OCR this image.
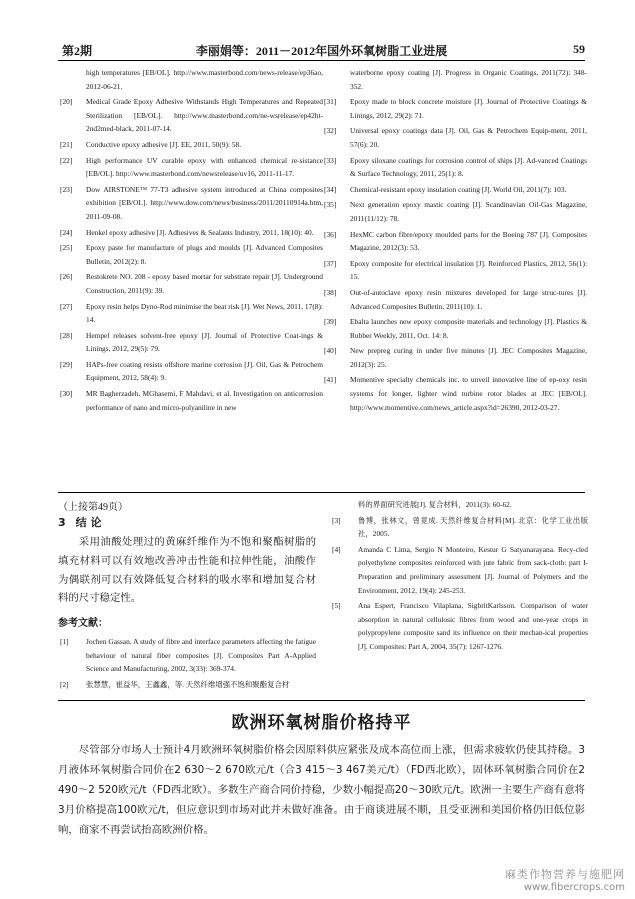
第2期	李丽娟等：2011－2012年国外环氧树脂工业进展	59

high temperatures [EB/OL]. http://www.masterbond.com/news-release/ep36ao, 2012-06-21.

[20] Medical Grade Epoxy Adhesive Withstands High Temperatures and Repeated Sterilization [EB/OL]. http://www.masterbond.com/ne-wsrelease/ep42ht-2nd2med-black, 2011-07-14.

[21] Conductive epoxy adhesive [J]. EE, 2011, 50(9): 58.

[22] High performance UV curable epoxy with enhanced chemical re-sistance [EB/OL]. http://www.masterbond.com/newsrelease/uv16, 2011-11-17.

[23] Dow AIRSTONE™ 77-T3 adhesive system introduced at China composites exhibition [EB/OL]. http://www.dow.com/news/business/2011/20110914a.htm, 2011-09-08.

[24] Henkel epoxy adhesive [J]. Adhesives & Sealants Industry, 2011, 18(10): 40.

[25] Epoxy paste for manufacture of plugs and moulds [J]. Advanced Composites Bulletin, 2012(2): 8.

[26] Restokrete NO. 208 - epoxy based mortar for substrate repair [J]. Underground Construction, 2011(9): 39.

[27] Epoxy resin helps Dyno-Rod minimise the beat risk [J]. Wet News, 2011, 17(8): 14.

[28] Hempel releases solvent-free epoxy [J]. Journal of Protective Coat-ings & Linings, 2012, 29(5): 79.

[29] HAPs-free coating resists offshore marine corrosion [J]. Oil, Gas & Petrochem Equipment, 2012, 58(4): 9.

[30] MR Bagherzadeh, MGhasemi, F Mahdavi, et al. Investigation on anticorrosion performance of nano and micro-polyaniline in new

waterborne epoxy coating [J]. Progress in Organic Coatings, 2011(72): 348-352.

[31] Epoxy made to block concrete moisture [J]. Journal of Protective Coatings & Linings, 2012, 29(2): 71.

[32] Universal epoxy coatings data [J]. Oil, Gas & Petrochem Equip-ment, 2011, 57(6): 20.

[33] Epoxy siloxane coatings for corrosion control of ships [J]. Ad-vanced Coatings & Surface Technology, 2011, 25(1): 8.

[34] Chemical-resistant epoxy insulation coating [J]. World Oil, 2011(7): 103.

[35] Next generation epoxy mastic coating [J]. Scandinavian Oil-Gas Magazine, 2011(11/12): 78.

[36] HexMC carbon fibre/epoxy moulded parts for the Boeing 787 [J]. Composites Magazine, 2012(3): 53.

[37] Epoxy composite for electrical insulation [J]. Reinforced Plastics, 2012, 56(1): 15.

[38] Out-of-autoclave epoxy resin mixtures developed for large struc-tures [J]. Advanced Composites Bulletin, 2011(10): 1.

[39] Ebalta launches new epoxy composite materials and technology [J]. Plastics & Rubber Weekly, 2011, Oct. 14: 8.

[40] New prepreg curing in under five minutes [J]. JEC Composites Magazine, 2012(3): 25.

[41] Momentive specialty chemicals inc. to unveil innovative line of ep-oxy resin systems for longer, lighter wind turbine rotor blades at JEC [EB/OL]. http://www.momentive.com/news_article.aspx?id=26390, 2012-03-27.

（上接第49页）

3 结 论

采用油酸处理过的黄麻纤维作为不饱和聚酯树脂的填充材料可以有效地改善冲击性能和拉伸性能，油酸作为偶联剂可以有效降低复合材料的吸水率和增加复合材料的尺寸稳定性。

参考文献：

[1] Jochen Gassan. A study of fibre and interface parameters affecting the fatigue behaviour of natural fiber composites [J]. Composites Part A-Applied Science and Manufacturing, 2002, 3(33): 369-374.

[2] 张慧慧，崔益华，王鑫鑫，等. 天然纤维增强不饱和聚酯复合材

料的界面研究进展[J]. 复合材料，2011(3): 60-62.

[3] 鲁博，张林文，曾竟成. 天然纤维复合材料[M]. 北京：化学工业出版社，2005.

[4] Amanda C Lima, Sergio N Monteiro, Kestur G Satyanarayana. Recy-cled polyethylene composites reinforced with jute fabric from sack-cloth: part I-Preparation and preliminary assessment [J]. Journal of Polymers and the Environment, 2012, 19(4): 245-253.

[5] Ana Espert, Francisco Vilaplana, SigbritKarlsson. Comparison of water absorption in natural cellulosic fibres from wood and one-year crops in polypropylene composite sand its influence on their mechan-ical properties [J]. Composites: Part A, 2004, 35(7): 1267-1276.

欧洲环氧树脂价格持平

尽管部分市场人士预计4月欧洲环氧树脂价格会因原料供应紧张及成本高位而上涨，但需求疲软仍使其持稳。3月液体环氧树脂合同价在2 630～2 670欧元/t（合3 415～3 467美元/t）（FD西北欧），固体环氧树脂合同价在2 490～2 520欧元/t（FD西北欧）。多数生产商合同价持稳，少数小幅提高20～30欧元/t。欧洲一主要生产商有意将3月价格提高100欧元/t，但应意识到市场对此并未做好准备。由于商谈进展不顺，且受亚洲和美国价格仍旧低位影响，商家不再尝试抬高欧洲价格。

麻类作物营养与施肥网
www.fibercrops.com
